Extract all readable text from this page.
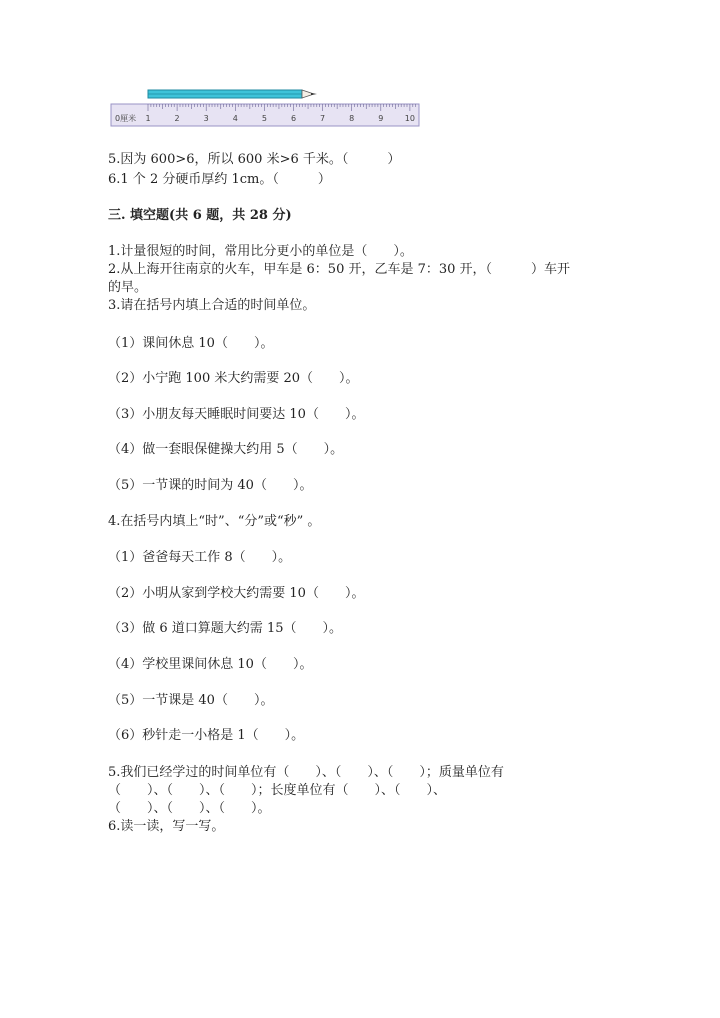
0厘米 1	2	3	4	5	6	7	8	9	10
5.因为 600>6，所以 600 米>6 千米。（　　　）
6.1 个 2 分硬币厚约 1cm。（　　　）
三. 填空题(共 6 题，共 28 分)
1.计量很短的时间，常用比分更小的单位是（　　）。
2.从上海开往南京的火车，甲车是 6：50 开，乙车是 7：30 开，（　　　）车开
的早。
3.请在括号内填上合适的时间单位。
（1）课间休息 10（　　）。
（2）小宁跑 100 米大约需要 20（　　）。
（3）小朋友每天睡眠时间要达 10（　　）。
（4）做一套眼保健操大约用 5（　　）。
（5）一节课的时间为 40（　　）。
4.在括号内填上“时”、“分”或“秒” 。
（1）爸爸每天工作 8（　　）。
（2）小明从家到学校大约需要 10（　　）。
（3）做 6 道口算题大约需 15（　　）。
（4）学校里课间休息 10（　　）。
（5）一节课是 40（　　）。
（6）秒针走一小格是 1（　　）。
5.我们已经学过的时间单位有（　　）、（　　）、（　　）；质量单位有
（　　）、（　　）、（　　）；长度单位有（　　）、（　　）、
（　　）、（　　）、（　　）。
6.读一读，写一写。
